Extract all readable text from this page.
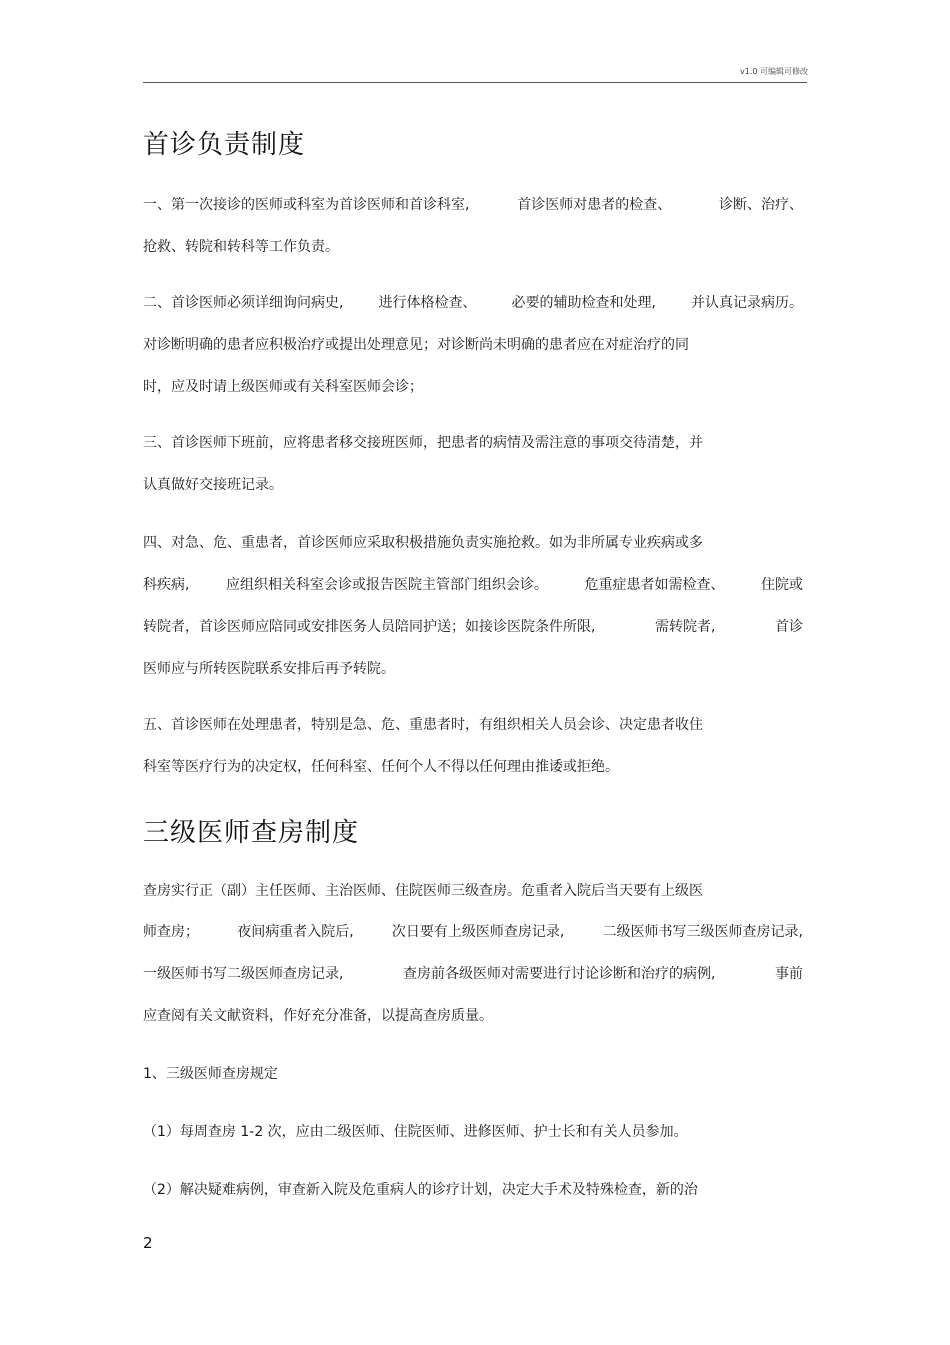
v1.0 可编辑可修改
首诊负责制度
一、第一次接诊的医师或科室为首诊医师和首诊科室,	首诊医师对患者的检查、	诊断、治疗、
抢救、转院和转科等工作负责。
二、首诊医师必须详细询问病史,	进行体格检查、	必要的辅助检查和处理,	并认真记录病历。
对诊断明确的患者应积极治疗或提出处理意见；对诊断尚未明确的患者应在对症治疗的同
时，应及时请上级医师或有关科室医师会诊；
三、首诊医师下班前，应将患者移交接班医师，把患者的病情及需注意的事项交待清楚，并
认真做好交接班记录。
四、对急、危、重患者，首诊医师应采取积极措施负责实施抢救。如为非所属专业疾病或多
科疾病,	应组织相关科室会诊或报告医院主管部门组织会诊。	危重症患者如需检查、	住院或
转院者，首诊医师应陪同或安排医务人员陪同护送；如接诊医院条件所限,	需转院者,	首诊
医师应与所转医院联系安排后再予转院。
五、首诊医师在处理患者，特别是急、危、重患者时，有组织相关人员会诊、决定患者收住
科室等医疗行为的决定权，任何科室、任何个人不得以任何理由推诿或拒绝。
三级医师查房制度
查房实行正（副）主任医师、主治医师、住院医师三级查房。危重者入院后当天要有上级医
师查房；	夜间病重者入院后,	次日要有上级医师查房记录,	二级医师书写三级医师查房记录,
一级医师书写二级医师查房记录,	查房前各级医师对需要进行讨论诊断和治疗的病例,	事前
应查阅有关文献资料，作好充分准备，以提高查房质量。
1、三级医师查房规定
（1）每周查房 1-2 次，应由二级医师、住院医师、进修医师、护士长和有关人员参加。
（2）解决疑难病例，审查新入院及危重病人的诊疗计划，决定大手术及特殊检查，新的治
2
